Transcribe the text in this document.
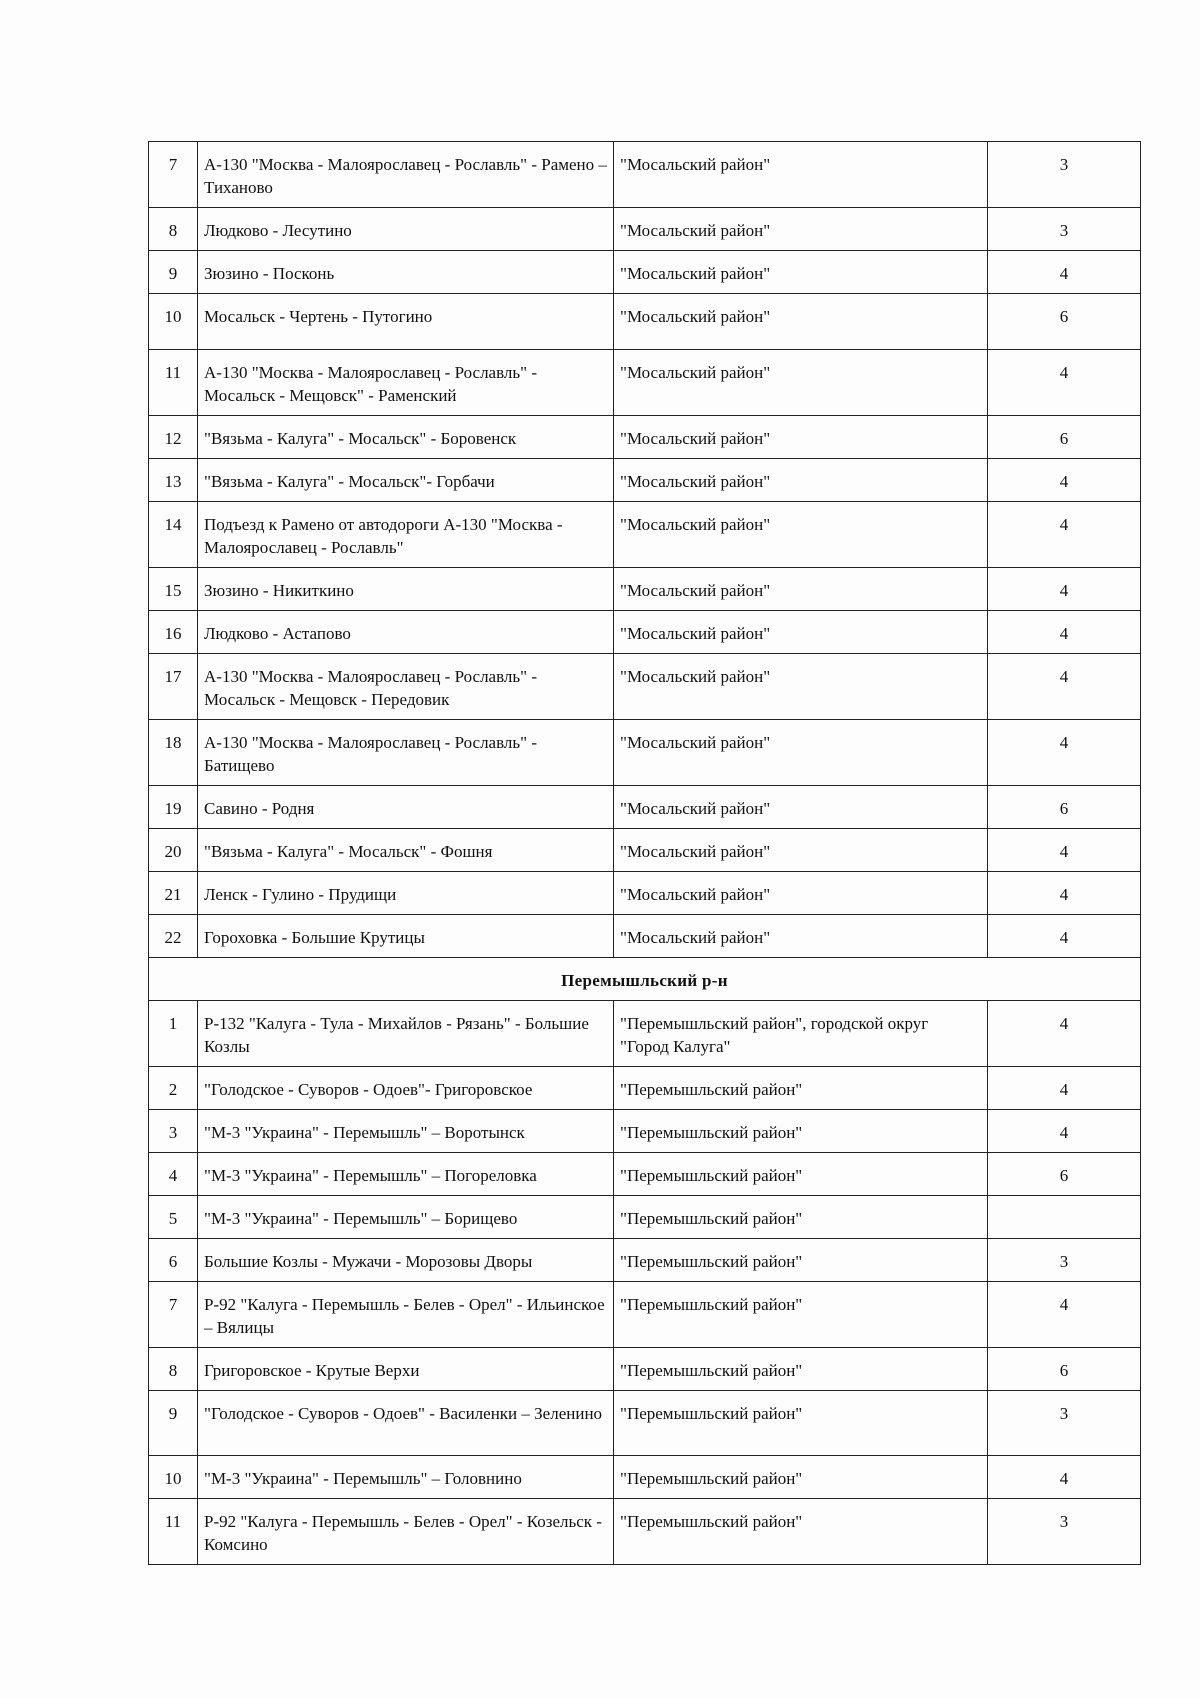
7	А-130 "Москва - Малоярославец - Рославль" - Рамено – Тиханово	"Мосальский район"	3
8	Людково - Лесутино	"Мосальский район"	3
9	Зюзино - Посконь	"Мосальский район"	4
10	Мосальск - Чертень - Путогино	"Мосальский район"	6
11	А-130 "Москва - Малоярославец - Рославль" - Мосальск - Мещовск" - Раменский	"Мосальский район"	4
12	"Вязьма - Калуга" - Мосальск" - Боровенск	"Мосальский район"	6
13	"Вязьма - Калуга" - Мосальск"- Горбачи	"Мосальский район"	4
14	Подъезд к Рамено от автодороги А-130 "Москва - Малоярославец - Рославль"	"Мосальский район"	4
15	Зюзино - Никиткино	"Мосальский район"	4
16	Людково - Астапово	"Мосальский район"	4
17	А-130 "Москва - Малоярославец - Рославль" - Мосальск - Мещовск - Передовик	"Мосальский район"	4
18	А-130 "Москва - Малоярославец - Рославль" - Батищево	"Мосальский район"	4
19	Савино - Родня	"Мосальский район"	6
20	"Вязьма - Калуга" - Мосальск" - Фошня	"Мосальский район"	4
21	Ленск - Гулино - Прудищи	"Мосальский район"	4
22	Гороховка - Большие Крутицы	"Мосальский район"	4
Перемышльский р-н			
1	Р-132 "Калуга - Тула - Михайлов - Рязань" - Большие Козлы	"Перемышльский район", городской округ "Город Калуга"	4
2	"Голодское - Суворов - Одоев"- Григоровское	"Перемышльский район"	4
3	"М-3 "Украина" - Перемышль" – Воротынск	"Перемышльский район"	4
4	"М-3 "Украина" - Перемышль" – Погореловка	"Перемышльский район"	6
5	"М-3 "Украина" - Перемышль" – Борищево	"Перемышльский район"	
6	Большие Козлы - Мужачи - Морозовы Дворы	"Перемышльский район"	3
7	Р-92 "Калуга - Перемышль - Белев - Орел" - Ильинское – Вялицы	"Перемышльский район"	4
8	Григоровское - Крутые Верхи	"Перемышльский район"	6
9	"Голодское - Суворов - Одоев" - Василенки – Зеленино	"Перемышльский район"	3
10	"М-3 "Украина" - Перемышль" – Головнино	"Перемышльский район"	4
11	Р-92 "Калуга - Перемышль - Белев - Орел" - Козельск - Комсино	"Перемышльский район"	3
